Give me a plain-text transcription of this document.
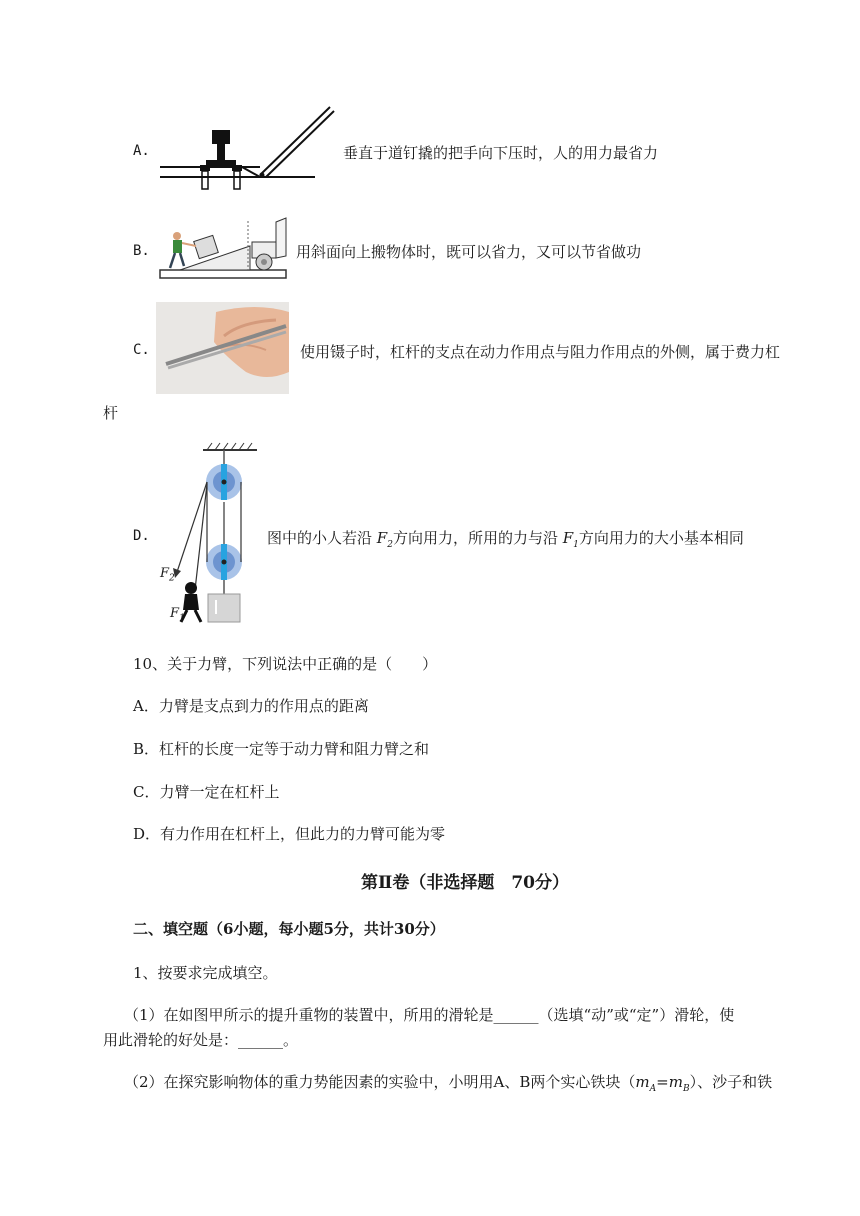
A.	垂直于道钉撬的把手向下压时，人的用力最省力
B.	用斜面向上搬物体时，既可以省力，又可以节省做功
C.	使用镊子时，杠杆的支点在动力作用点与阻力作用点的外侧，属于费力杠
杆
D.
$F_2$
$F_1$
图中的小人若沿 $F_2$方向用力，所用的力与沿 $F_1$方向用力的大小基本相同
10、关于力臂，下列说法中正确的是（　　）
A．力臂是支点到力的作用点的距离
B．杠杆的长度一定等于动力臂和阻力臂之和
C．力臂一定在杠杆上
D．有力作用在杠杆上，但此力的力臂可能为零
第Ⅱ卷（非选择题　70分）
二、填空题（6小题，每小题5分，共计30分）
1、按要求完成填空。
（1）在如图甲所示的提升重物的装置中，所用的滑轮是______（选填“动”或“定”）滑轮，使
用此滑轮的好处是：______。
（2）在探究影响物体的重力势能因素的实验中，小明用A、B两个实心铁块$(m_A=m_B)$、沙子和铁
